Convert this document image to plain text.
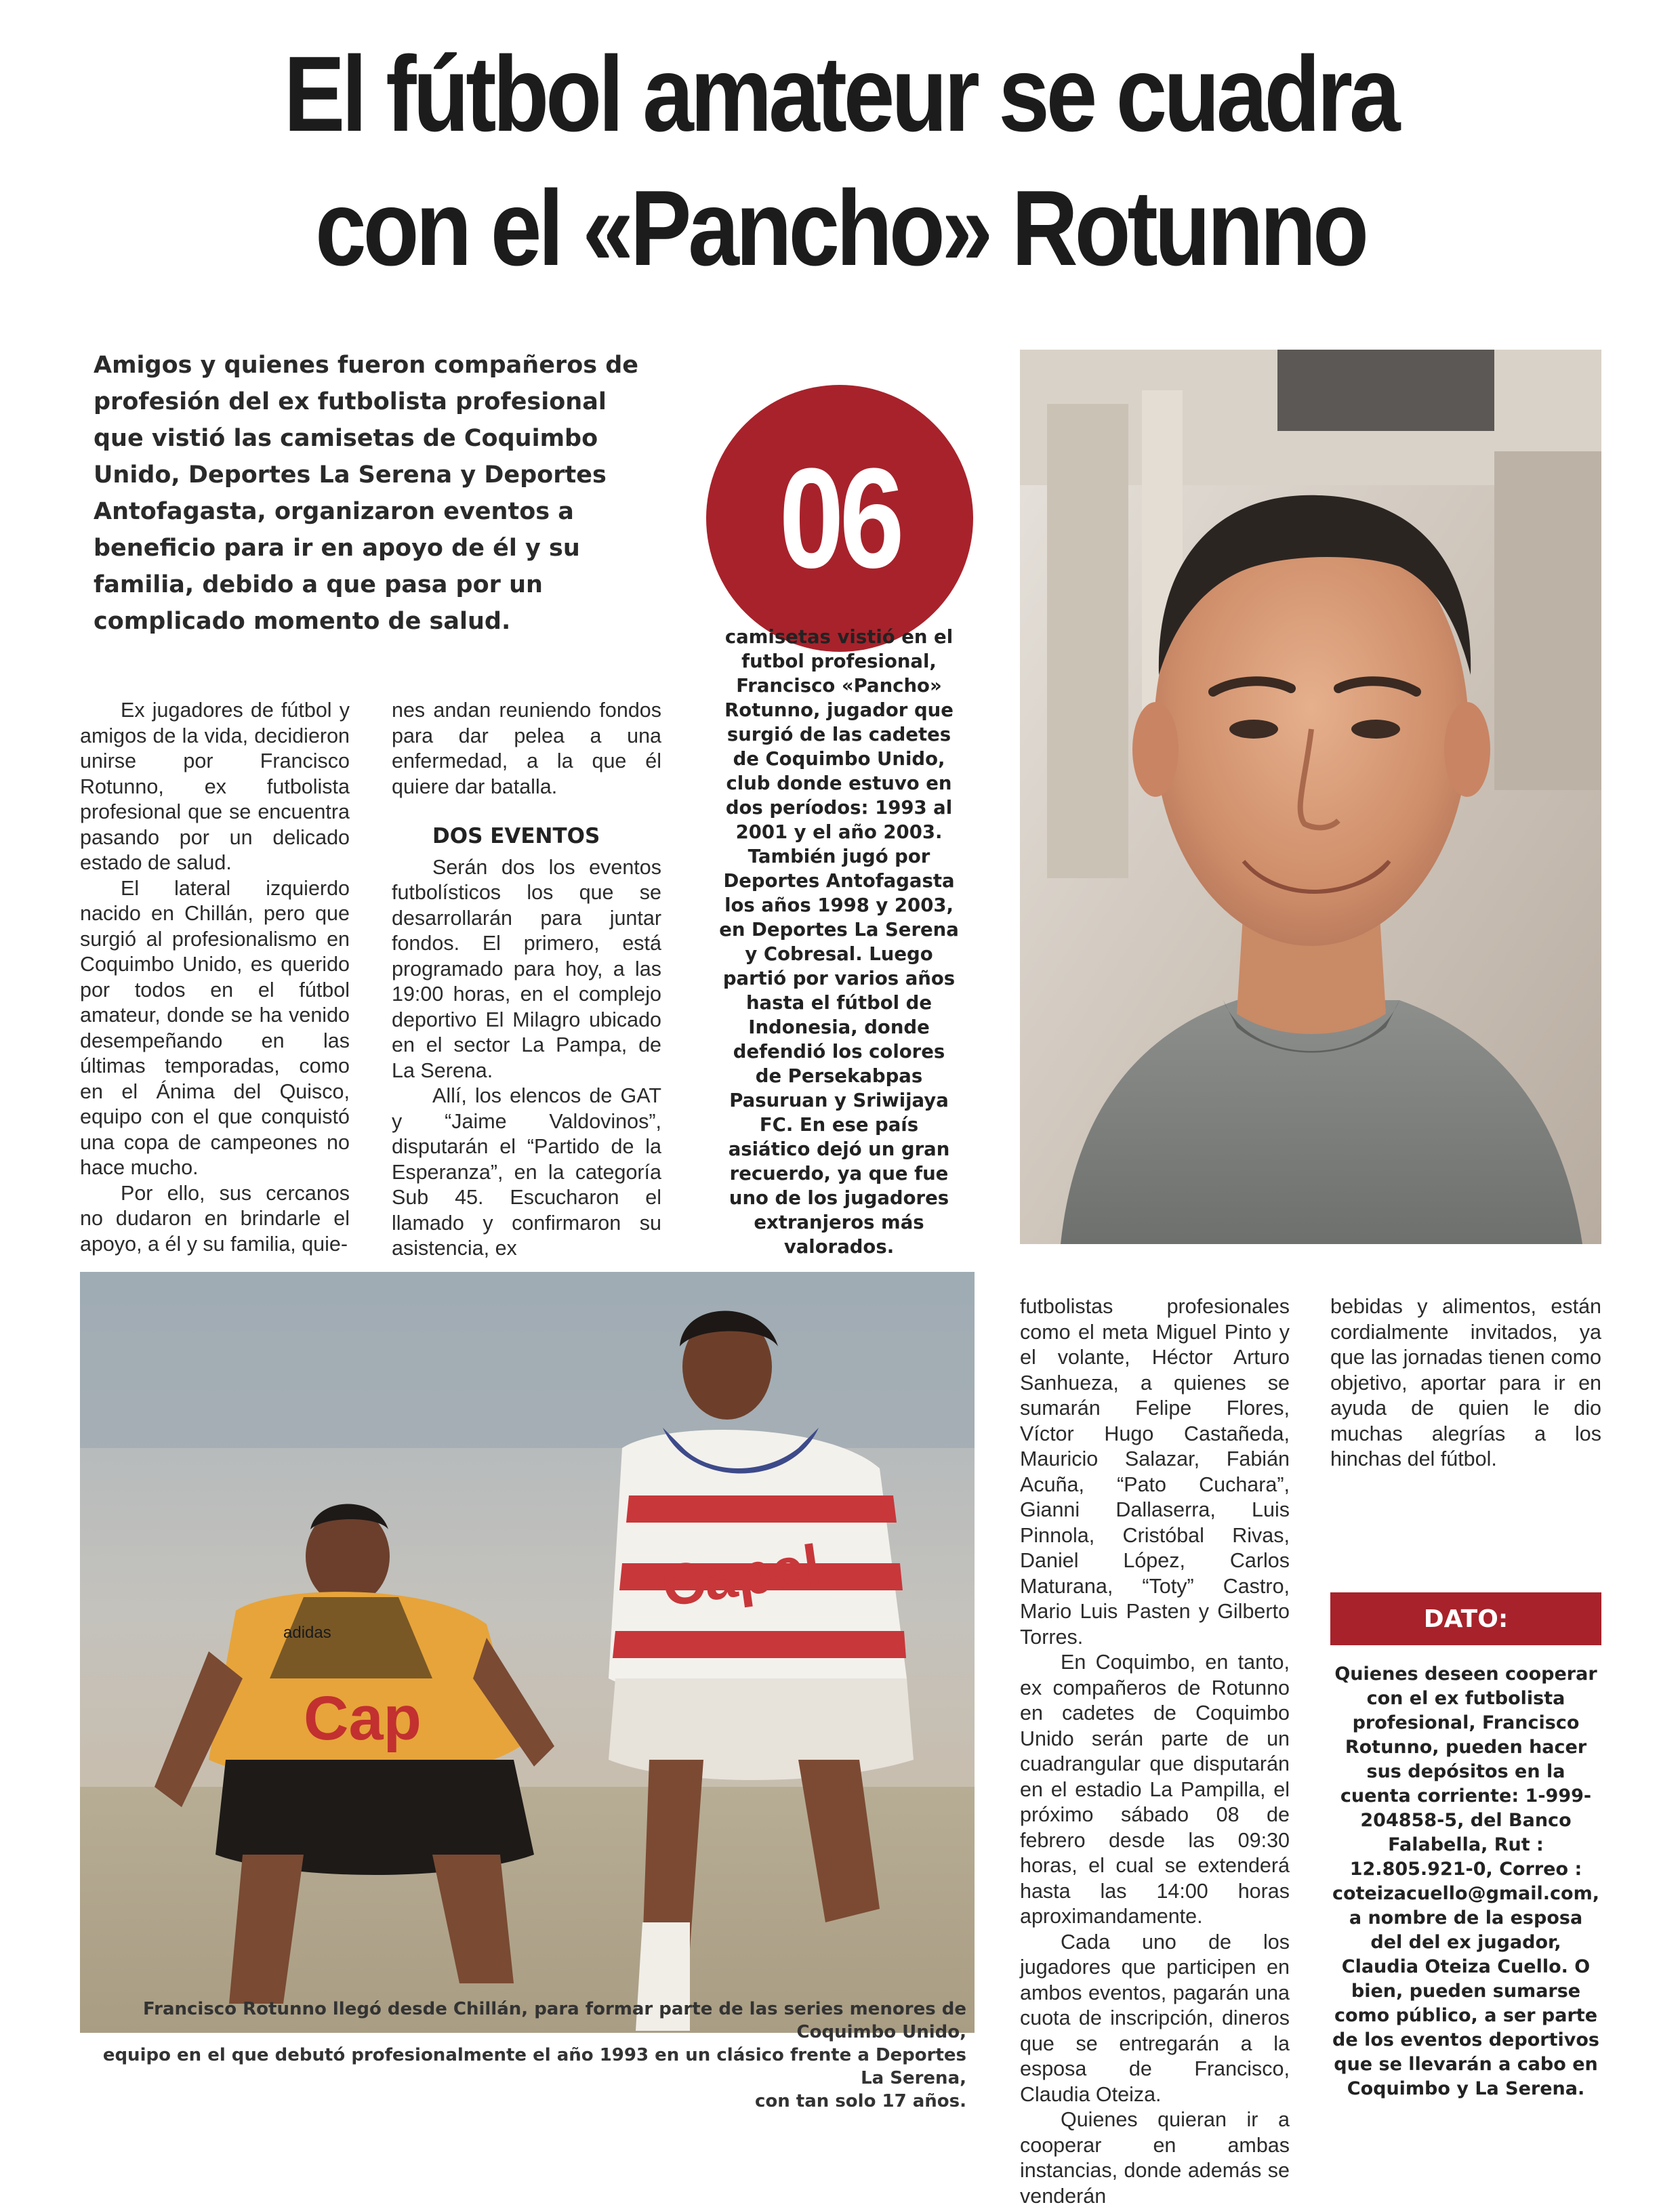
El fútbol amateur se cuadra
con el «Pancho» Rotunno
Amigos y quienes fueron compañeros de profesión del ex futbolista profesional que vistió las camisetas de Coquimbo Unido, Deportes La Serena y Deportes Antofagasta, organizaron eventos a beneficio para ir en apoyo de él y su familia, debido a que pasa por un complicado momento de salud.
06
camisetas vistió en el futbol profesional, Francisco «Pancho» Rotunno, jugador que surgió de las cadetes de Coquimbo Unido, club donde estuvo en dos períodos: 1993 al 2001 y el año 2003. También jugó por Deportes Antofagasta los años 1998 y 2003, en Deportes La Serena y Cobresal. Luego partió por varios años hasta el fútbol de Indonesia, donde defendió los colores de Persekabpas Pasuruan y Sriwijaya FC. En ese país asiático dejó un gran recuerdo, ya que fue uno de los jugadores extranjeros más valorados.

Ex jugadores de fútbol y amigos de la vida, decidieron unirse por Francisco Rotunno, ex futbolista profesional que se encuentra pasando por un delicado estado de salud.

El lateral izquierdo nacido en Chillán, pero que surgió al profesionalismo en Coquimbo Unido, es querido por todos en el fútbol amateur, donde se ha venido desempeñando en las últimas temporadas, como en el Ánima del Quisco, equipo con el que conquistó una copa de campeones no hace mucho.

Por ello, sus cercanos no dudaron en brindarle el apoyo, a él y su familia, quie-

nes andan reuniendo fondos para dar pelea a una enfermedad, a la que él quiere dar batalla.

DOS EVENTOS

Serán dos los eventos futbolísticos los que se desarrollarán para juntar fondos. El primero, está programado para hoy, a las 19:00 horas, en el complejo deportivo El Milagro ubicado en el sector La Pampa, de La Serena.

Allí, los elencos de GAT y “Jaime Valdovinos”, disputarán el “Partido de la Esperanza”, en la categoría Sub 45. Escucharon el llamado y confirmaron su asistencia, ex

Cap
adidas
Capel
Francisco Rotunno llegó desde Chillán, para formar parte de las series menores de Coquimbo Unido,
equipo en el que debutó profesionalmente el año 1993 en un clásico frente a Deportes La Serena,
con tan solo 17 años.

futbolistas profesionales como el meta Miguel Pinto y el volante, Héctor Arturo Sanhueza, a quienes se sumarán Felipe Flores, Víctor Hugo Castañeda, Mauricio Salazar, Fabián Acuña, “Pato Cuchara”, Gianni Dallaserra, Luis Pinnola, Cristóbal Rivas, Daniel López, Carlos Maturana, “Toty” Castro, Mario Luis Pasten y Gilberto Torres.

En Coquimbo, en tanto, ex compañeros de Rotunno en cadetes de Coquimbo Unido serán parte de un cuadrangular que disputarán en el estadio La Pampilla, el próximo sábado 08 de febrero desde las 09:30 horas, el cual se extenderá hasta las 14:00 horas aproximandamente.

Cada uno de los jugadores que participen en ambos eventos, pagarán una cuota de inscripción, dineros que se entregarán a la esposa de Francisco, Claudia Oteiza.

Quienes quieran ir a cooperar en ambas instancias, donde además se venderán

bebidas y alimentos, están cordialmente invitados, ya que las jornadas tienen como objetivo, aportar para ir en ayuda de quien le dio muchas alegrías a los hinchas del fútbol.

DATO:
Quienes deseen cooperar con el ex futbolista profesional, Francisco Rotunno, pueden hacer sus depósitos en la cuenta corriente: 1-999-204858-5, del Banco Falabella, Rut : 12.805.921-0, Correo : coteizacuello@gmail.com, a nombre de la esposa del del ex jugador, Claudia Oteiza Cuello. O bien, pueden sumarse como público, a ser parte de los eventos deportivos que se llevarán a cabo en Coquimbo y La Serena.
